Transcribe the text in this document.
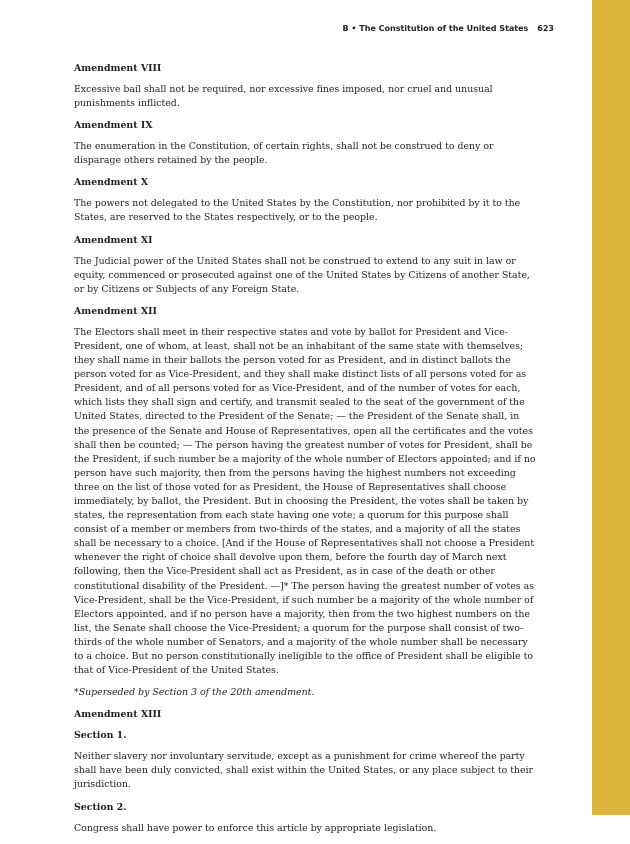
B • The Constitution of the United States 623
Amendment VIII

Excessive bail shall not be required, nor excessive fines imposed, nor cruel and unusual punishments inflicted.

Amendment IX

The enumeration in the Constitution, of certain rights, shall not be construed to deny or disparage others retained by the people.

Amendment X

The powers not delegated to the United States by the Constitution, nor prohibited by it to the States, are reserved to the States respectively, or to the people.

Amendment XI

The Judicial power of the United States shall not be construed to extend to any suit in law or equity, commenced or prosecuted against one of the United States by Citizens of another State, or by Citizens or Subjects of any Foreign State.

Amendment XII

The Electors shall meet in their respective states and vote by ballot for President and Vice-President, one of whom, at least, shall not be an inhabitant of the same state with themselves; they shall name in their ballots the person voted for as President, and in distinct ballots the person voted for as Vice-President, and they shall make distinct lists of all persons voted for as President, and of all persons voted for as Vice-President, and of the number of votes for each, which lists they shall sign and certify, and transmit sealed to the seat of the government of the United States, directed to the President of the Senate; — the President of the Senate shall, in the presence of the Senate and House of Representatives, open all the certificates and the votes shall then be counted; — The person having the greatest number of votes for President, shall be the President, if such number be a majority of the whole number of Electors appointed; and if no person have such majority, then from the persons having the highest numbers not exceeding three on the list of those voted for as President, the House of Representatives shall choose immediately, by ballot, the President. But in choosing the President, the votes shall be taken by states, the representation from each state having one vote; a quorum for this purpose shall consist of a member or members from two-thirds of the states, and a majority of all the states shall be necessary to a choice. [And if the House of Representatives shall not choose a President whenever the right of choice shall devolve upon them, before the fourth day of March next following, then the Vice-President shall act as President, as in case of the death or other constitutional disability of the President. —]* The person having the greatest number of votes as Vice-President, shall be the Vice-President, if such number be a majority of the whole number of Electors appointed, and if no person have a majority, then from the two highest numbers on the list, the Senate shall choose the Vice-President; a quorum for the purpose shall consist of two-thirds of the whole number of Senators, and a majority of the whole number shall be necessary to a choice. But no person constitutionally ineligible to the office of President shall be eligible to that of Vice-President of the United States.

*Superseded by Section 3 of the 20th amendment.

Amendment XIII
Section 1.

Neither slavery nor involuntary servitude, except as a punishment for crime whereof the party shall have been duly convicted, shall exist within the United States, or any place subject to their jurisdiction.

Section 2.

Congress shall have power to enforce this article by appropriate legislation.
